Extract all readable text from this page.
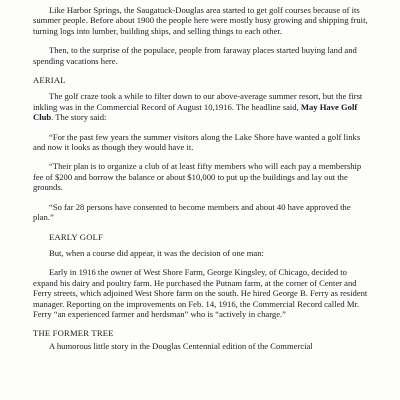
Like Harbor Springs, the Saugatuck-Douglas area started to get golf courses because of its summer people. Before about 1900 the people here were mostly busy growing and shipping fruit, turning logs into lumber, building ships, and selling things to each other.

Then, to the surprise of the populace, people from faraway places started buying land and spending vacations here.

AERIAL

The golf craze took a while to filter down to our above-average summer resort, but the first inkling was in the Commercial Record of August 10,1916. The headline said, May Have Golf Club. The story said:

“For the past few years the summer visitors along the Lake Shore have wanted a golf links and now it looks as though they would have it.

“Their plan is to organize a club of at least fifty members who will each pay a membership fee of $200 and borrow the balance or about $10,000 to put up the buildings and lay out the grounds.

“So far 28 persons have consented to become members and about 40 have approved the plan.”

EARLY GOLF

But, when a course did appear, it was the decision of one man:

Early in 1916 the owner of West Shore Farm, George Kingsley, of Chicago, decided to expand his dairy and poultry farm. He purchased the Putnam farm, at the corner of Center and Ferry streets, which adjoined West Shore farm on the south. He hired George B. Ferry as resident manager. Reporting on the improvements on Feb. 14, 1916, the Commercial Record called Mr. Ferry “an experienced farmer and herdsman” who is “actively in charge.”

THE FORMER TREE

A humorous little story in the Douglas Centennial edition of the Commercial
